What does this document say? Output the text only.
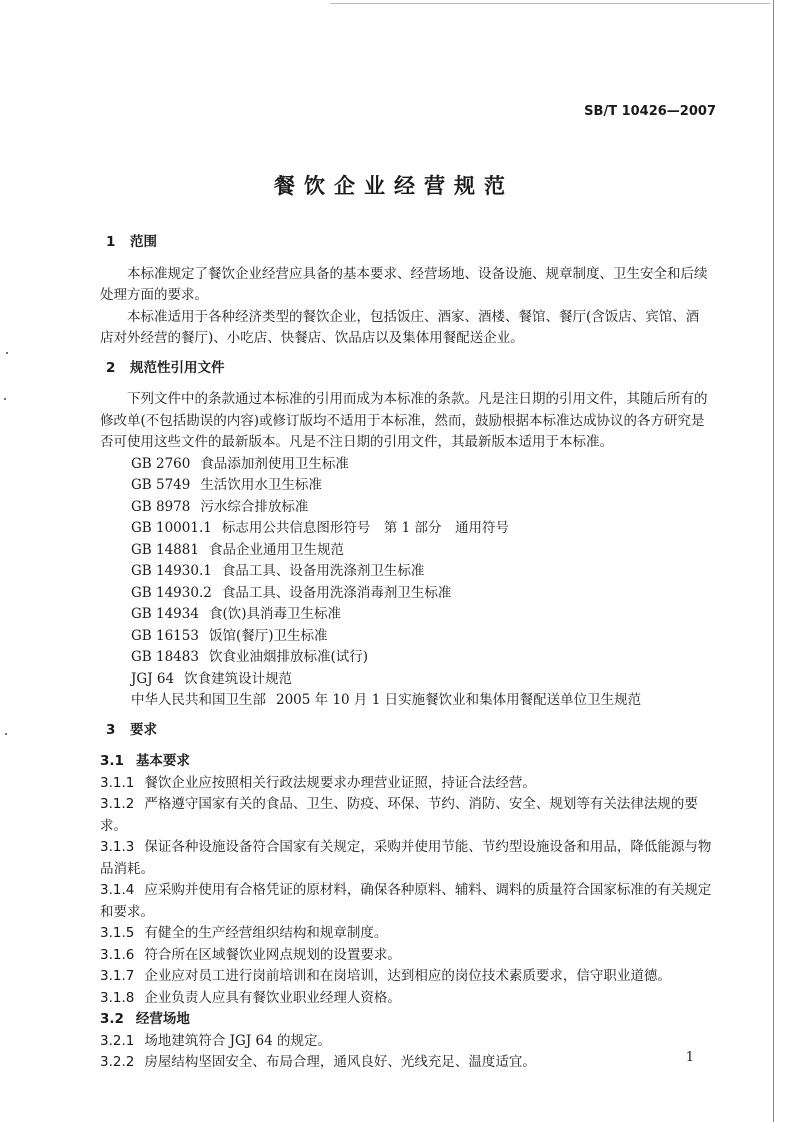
SB/T 10426—2007
餐饮企业经营规范
1 范围

本标准规定了餐饮企业经营应具备的基本要求、经营场地、设备设施、规章制度、卫生安全和后续处理方面的要求。

本标准适用于各种经济类型的餐饮企业，包括饭庄、酒家、酒楼、餐馆、餐厅(含饭店、宾馆、酒店对外经营的餐厅)、小吃店、快餐店、饮品店以及集体用餐配送企业。

2 规范性引用文件

下列文件中的条款通过本标准的引用而成为本标准的条款。凡是注日期的引用文件，其随后所有的修改单(不包括勘误的内容)或修订版均不适用于本标准，然而，鼓励根据本标准达成协议的各方研究是否可使用这些文件的最新版本。凡是不注日期的引用文件，其最新版本适用于本标准。

GB 2760 食品添加剂使用卫生标准
GB 5749 生活饮用水卫生标准
GB 8978 污水综合排放标准
GB 10001.1 标志用公共信息图形符号　第 1 部分　通用符号
GB 14881 食品企业通用卫生规范
GB 14930.1 食品工具、设备用洗涤剂卫生标准
GB 14930.2 食品工具、设备用洗涤消毒剂卫生标准
GB 14934 食(饮)具消毒卫生标准
GB 16153 饭馆(餐厅)卫生标准
GB 18483 饮食业油烟排放标准(试行)
JGJ 64 饮食建筑设计规范
中华人民共和国卫生部 2005 年 10 月 1 日实施餐饮业和集体用餐配送单位卫生规范
3 要求
3.1 基本要求
3.1.1 餐饮企业应按照相关行政法规要求办理营业证照，持证合法经营。
3.1.2 严格遵守国家有关的食品、卫生、防疫、环保、节约、消防、安全、规划等有关法律法规的要求。
3.1.3 保证各种设施设备符合国家有关规定，采购并使用节能、节约型设施设备和用品，降低能源与物品消耗。
3.1.4 应采购并使用有合格凭证的原材料，确保各种原料、辅料、调料的质量符合国家标准的有关规定和要求。
3.1.5 有健全的生产经营组织结构和规章制度。
3.1.6 符合所在区域餐饮业网点规划的设置要求。
3.1.7 企业应对员工进行岗前培训和在岗培训，达到相应的岗位技术素质要求，信守职业道德。
3.1.8 企业负责人应具有餐饮业职业经理人资格。
3.2 经营场地
3.2.1 场地建筑符合 JGJ 64 的规定。
3.2.2 房屋结构坚固安全、布局合理，通风良好、光线充足、温度适宜。	1
